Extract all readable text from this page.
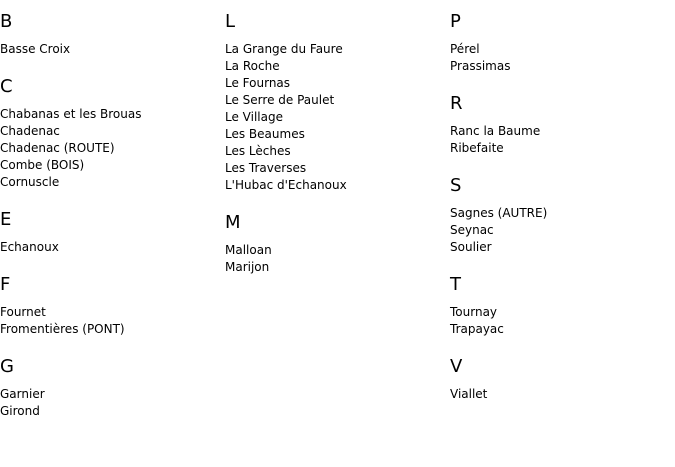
B
Basse Croix
C
Chabanas et les Brouas
Chadenac
Chadenac (ROUTE)
Combe (BOIS)
Cornuscle
E
Echanoux
F
Fournet
Fromentières (PONT)
G
Garnier
Girond
L
La Grange du Faure
La Roche
Le Fournas
Le Serre de Paulet
Le Village
Les Beaumes
Les Lèches
Les Traverses
L'Hubac d'Echanoux
M
Malloan
Marijon
P
Pérel
Prassimas
R
Ranc la Baume
Ribefaite
S
Sagnes (AUTRE)
Seynac
Soulier
T
Tournay
Trapayac
V
Viallet
